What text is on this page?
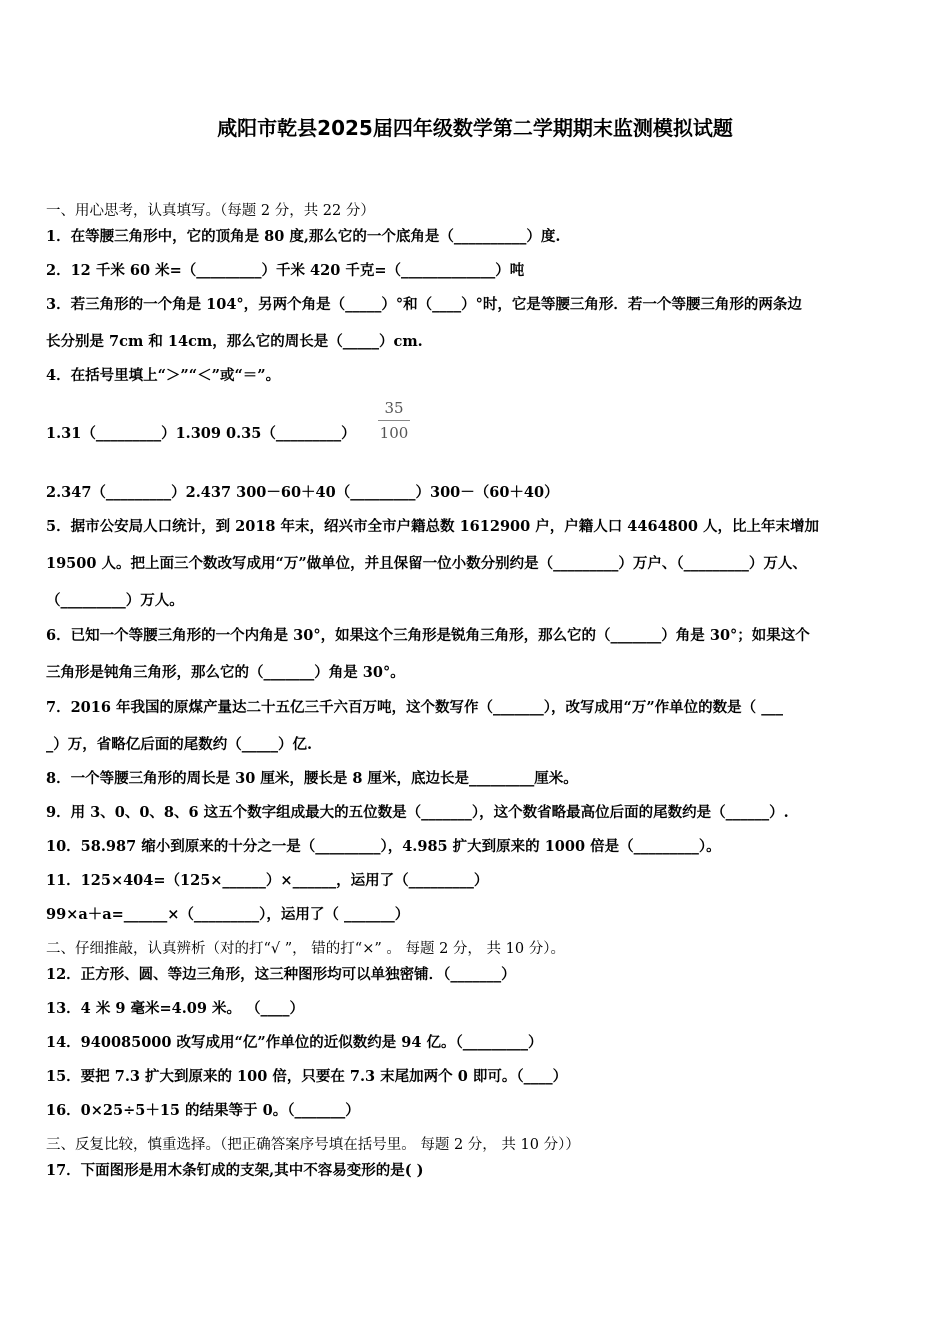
咸阳市乾县2025届四年级数学第二学期期末监测模拟试题
一、用心思考，认真填写。（每题 2 分，共 22 分）
1．在等腰三角形中，它的顶角是 80 度,那么它的一个底角是（__________）度.
2．12 千米 60 米=（_________）千米 420 千克=（_____________）吨
3．若三角形的一个角是 104°，另两个角是（_____）°和（____）°时，它是等腰三角形．若一个等腰三角形的两条边
长分别是 7cm 和 14cm，那么它的周长是（_____）cm.
4．在括号里填上“＞”“＜”或“＝”。
1.31（_________）1.309 0.35（_________）
35
100
2.347（_________）2.437 300－60＋40（_________）300－（60＋40）
5．据市公安局人口统计，到 2018 年末，绍兴市全市户籍总数 1612900 户，户籍人口 4464800 人，比上年末增加
19500 人。把上面三个数改写成用“万”做单位，并且保留一位小数分别约是（_________）万户、（_________）万人、
（_________）万人。
6．已知一个等腰三角形的一个内角是 30°，如果这个三角形是锐角三角形，那么它的（_______）角是 30°；如果这个
三角形是钝角三角形，那么它的（_______）角是 30°。
7．2016 年我国的原煤产量达二十五亿三千六百万吨，这个数写作（_______），改写成用“万”作单位的数是（ ___
_）万，省略亿后面的尾数约（_____）亿.
8．一个等腰三角形的周长是 30 厘米，腰长是 8 厘米，底边长是_________厘米。
9．用 3、0、0、8、6 这五个数字组成最大的五位数是（_______），这个数省略最高位后面的尾数约是（______）.
10．58.987 缩小到原来的十分之一是（_________），4.985 扩大到原来的 1000 倍是（_________）。
11．125×404=（125×______）×______，运用了（_________）
99×a＋a=______×（_________），运用了（ _______）
二、仔细推敲，认真辨析（对的打“√ ”， 错的打“×” 。 每题 2 分， 共 10 分）。
12．正方形、圆、等边三角形，这三种图形均可以单独密铺．（_______）
13．4 米 9 毫米=4.09 米。 （____）
14．940085000 改写成用“亿”作单位的近似数约是 94 亿。（_________）
15．要把 7.3 扩大到原来的 100 倍，只要在 7.3 末尾加两个 0 即可。（____）
16．0×25÷5＋15 的结果等于 0。（_______）
三、反复比较，慎重选择。（把正确答案序号填在括号里。 每题 2 分， 共 10 分））
17．下面图形是用木条钉成的支架,其中不容易变形的是( )
